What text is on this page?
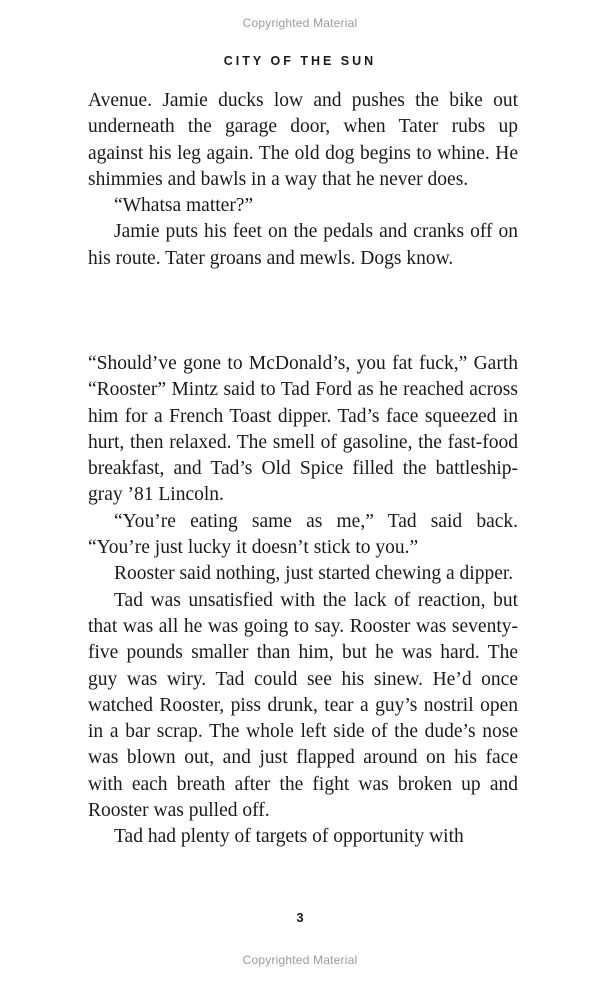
Copyrighted Material
CITY OF THE SUN

Avenue. Jamie ducks low and pushes the bike out underneath the garage door, when Tater rubs up against his leg again. The old dog begins to whine. He shimmies and bawls in a way that he never does.

“Whatsa matter?”

Jamie puts his feet on the pedals and cranks off on his route. Tater groans and mewls. Dogs know.

“Should’ve gone to McDonald’s, you fat fuck,” Garth “Rooster” Mintz said to Tad Ford as he reached across him for a French Toast dipper. Tad’s face squeezed in hurt, then relaxed. The smell of gasoline, the fast-food breakfast, and Tad’s Old Spice filled the battleship-gray ’81 Lincoln.

“You’re eating same as me,” Tad said back. “You’re just lucky it doesn’t stick to you.”

Rooster said nothing, just started chewing a dipper.

Tad was unsatisfied with the lack of reaction, but that was all he was going to say. Rooster was seventy-five pounds smaller than him, but he was hard. The guy was wiry. Tad could see his sinew. He’d once watched Rooster, piss drunk, tear a guy’s nostril open in a bar scrap. The whole left side of the dude’s nose was blown out, and just flapped around on his face with each breath after the fight was broken up and Rooster was pulled off.

Tad had plenty of targets of opportunity with

3
Copyrighted Material
